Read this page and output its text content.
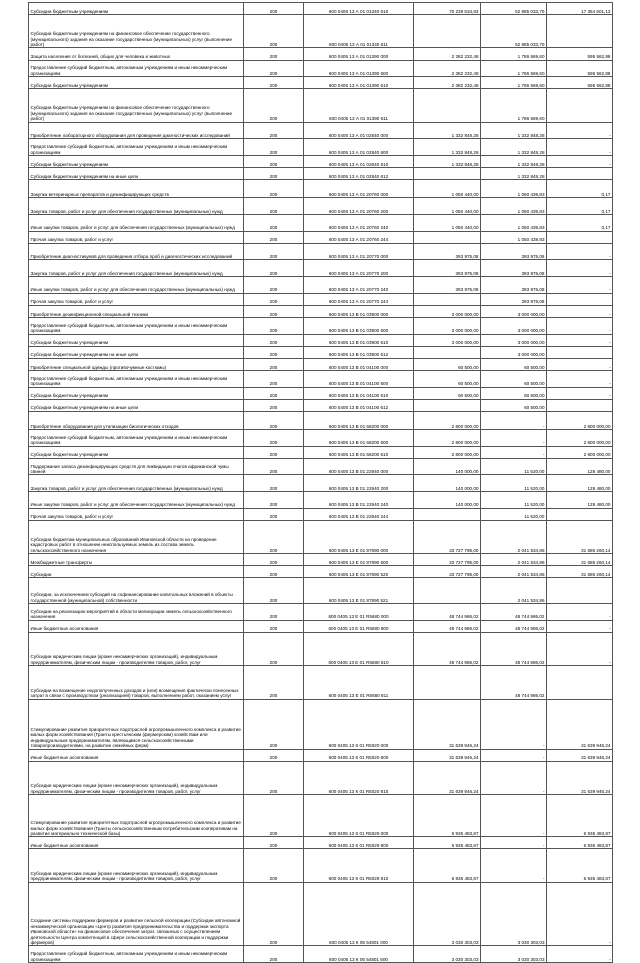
Субсидии бюджетным учреждениям	200	600 0405 13 А 01 01340 610	70 239 534,83	52 885 033,70	17 354 501,13
Субсидии бюджетным учреждениям на финансовое обеспечение государственного (муниципального) задания на оказание государственных (муниципальных) услуг (выполнение работ)	200	600 0405 13 А 01 01340 611		52 885 033,70	
Защита населения от болезней, общих для человека и животных	200	600 0405 13 А 01 01390 000	2 382 232,48	1 786 669,60	595 562,88
Предоставление субсидий бюджетным, автономным учреждениям и иным некоммерческим организациям	200	600 0405 13 А 01 01390 600	2 382 232,48	1 786 669,60	595 562,88
Субсидии бюджетным учреждениям	200	600 0405 13 А 01 01390 610	2 382 232,48	1 786 669,60	595 562,88
Субсидии бюджетным учреждениям на финансовое обеспечение государственного (муниципального) задания на оказание государственных (муниципальных) услуг (выполнение работ)	200	600 0405 13 А 01 01390 611		1 786 669,60	
Приобретение лабораторного оборудования для проведения диагностических исследований	200	600 0405 13 А 01 02840 000	1 332 848,28	1 332 848,28	-
Предоставление субсидий бюджетным, автономным учреждениям и иным некоммерческим организациям	200	600 0405 13 А 01 02840 600	1 332 848,28	1 332 848,28	-
Субсидии бюджетным учреждениям	200	600 0405 13 А 01 02840 610	1 332 848,28	1 332 848,28	-
Субсидии бюджетным учреждениям на иные цели	200	600 0405 13 А 01 02840 612		1 332 848,28	
Закупка ветеринарных препаратов и дезинфицирующих средств	200	600 0405 13 А 01 20760 000	1 050 440,00	1 050 439,83	0,17
Закупка товаров, работ и услуг для обеспечения государственных (муниципальных) нужд	200	600 0405 13 А 01 20760 200	1 050 440,00	1 050 439,83	0,17
Иные закупки товаров, работ и услуг для обеспечения государственных (муниципальных) нужд	200	600 0405 13 А 01 20760 240	1 050 440,00	1 050 439,83	0,17
Прочая закупка товаров, работ и услуг	200	600 0405 13 А 01 20760 244		1 050 439,83	
Приобретение диагностикумов для проведения отбора проб и диагностических исследований	200	600 0405 13 А 01 20770 000	393 975,08	393 975,08	-
Закупка товаров, работ и услуг для обеспечения государственных (муниципальных) нужд	200	600 0405 13 А 01 20770 200	393 975,08	393 975,08	-
Иные закупки товаров, работ и услуг для обеспечения государственных (муниципальных) нужд	200	600 0405 13 А 01 20770 240	393 975,08	393 975,08	-
Прочая закупка товаров, работ и услуг	200	600 0405 13 А 01 20770 244		393 975,08	
Приобретение дезинфекционной специальной техники	200	600 0405 13 В 01 03900 000	3 000 000,00	3 000 000,00	-
Предоставление субсидий бюджетным, автономным учреждениям и иным некоммерческим организациям	200	600 0405 13 В 01 03900 600	3 000 000,00	3 000 000,00	-
Субсидии бюджетным учреждениям	200	600 0405 13 В 01 03900 610	3 000 000,00	3 000 000,00	-
Субсидии бюджетным учреждениям на иные цели	200	600 0405 13 В 01 03900 612		3 000 000,00	
Приобретение специальной одежды (противочумные костюмы)	200	600 0405 13 В 01 04100 000	60 500,00	60 500,00	-
Предоставление субсидий бюджетным, автономным учреждениям и иным некоммерческим организациям	200	600 0405 13 В 01 04100 600	60 500,00	60 500,00	-
Субсидии бюджетным учреждениям	200	600 0405 13 В 01 04100 610	60 500,00	60 500,00	-
Субсидии бюджетным учреждениям на иные цели	200	600 0405 13 В 01 04100 612		60 500,00	
Приобретение оборудования для утилизации биологических отходов	200	600 0405 13 В 01 68200 000	2 800 000,00	-	2 800 000,00
Предоставление субсидий бюджетным, автономным учреждениям и иным некоммерческим организациям	200	600 0405 13 В 01 68200 600	2 800 000,00	-	2 800 000,00
Субсидии бюджетным учреждениям	200	600 0405 13 В 01 68200 610	2 800 000,00	-	2 800 000,00
Поддержание запаса дезинфицирующих средств для ликвидации очагов африканской чумы свиней	200	600 0405 13 В 01 22940 000	140 000,00	11 520,00	128 480,00
Закупка товаров, работ и услуг для обеспечения государственных (муниципальных) нужд	200	600 0405 13 В 01 22940 200	140 000,00	11 520,00	128 480,00
Иные закупки товаров, работ и услуг для обеспечения государственных (муниципальных) нужд	200	600 0405 13 В 01 22940 240	140 000,00	11 520,00	128 480,00
Прочая закупка товаров, работ и услуг	200	600 0405 13 В 01 22940 244		11 520,00	
Субсидии бюджетам муниципальных образований Ивановской области на проведение кадастровых работ в отношении неиспользуемых земель из состава земель сельскохозяйственного назначения	200	600 0405 13 Е 01 87890 000	33 727 795,00	2 041 534,86	31 686 260,14
Межбюджетные трансферты	200	600 0405 13 Е 01 87890 500	33 727 795,00	2 041 534,86	31 686 260,14
Субсидии	200	600 0405 13 Е 01 87890 520	33 727 795,00	2 041 534,86	31 686 260,14
Субсидии, за исключением субсидий на софинансирование капитальных вложений в объекты государственной (муниципальной) собственности	200	600 0405 13 Е 01 87890 521		2 041 534,86	
Субсидии на реализацию мероприятий в области мелиорации земель сельскохозяйственного назначения	200	600 0405 13 Е 01 R5680 000	48 744 986,02	48 744 986,02	-
Иные бюджетные ассигнования	200	600 0405 13 Е 01 R5680 800	48 744 986,02	48 744 986,02	-
Субсидии юридическим лицам (кроме некоммерческих организаций), индивидуальным предпринимателям, физическим лицам - производителям товаров, работ, услуг	200	600 0405 13 Е 01 R5680 810	48 744 986,02	48 744 986,02	-
Субсидии на возмещение недополученных доходов и (или) возмещение фактически понесенных затрат в связи с производством (реализацией) товаров, выполнением работ, оказанием услуг	200	600 0405 13 Е 01 R5680 811		48 744 986,02	
Стимулирование развития приоритетных подотраслей агропромышленного комплекса и развитие малых форм хозяйствования (Гранты крестьянским (фермерским) хозяйствам или индивидуальным предпринимателям, являющимся сельскохозяйственными товаропроизводителями, на развитие семейных ферм)	200	600 0405 13 К 01 R5020 000	31 639 946,24	-	31 639 946,24
Иные бюджетные ассигнования	200	600 0405 13 К 01 R5020 800	31 639 946,24	-	31 639 946,24
Субсидии юридическим лицам (кроме некоммерческих организаций), индивидуальным предпринимателям, физическим лицам - производителям товаров, работ, услуг	200	600 0405 13 К 01 R5020 810	31 639 946,24	-	31 639 946,24
Стимулирование развития приоритетных подотраслей агропромышленного комплекса и развитие малых форм хозяйствования (Гранты сельскохозяйственным потребительским кооперативам на развитие материально-технической базы)	200	600 0405 13 К 01 R5029 000	6 935 483,87	-	6 935 483,87
Иные бюджетные ассигнования	200	600 0405 13 К 01 R5029 800	6 935 483,87	-	6 935 483,87
Субсидии юридическим лицам (кроме некоммерческих организаций), индивидуальным предпринимателям, физическим лицам - производителям товаров, работ, услуг	200	600 0405 13 К 01 R5029 810	6 935 483,87	-	6 935 483,87
Создание системы поддержки фермеров и развитие сельской кооперации (Субсидии автономной некоммерческой организации «Центр развития предпринимательства и поддержки экспорта Ивановской области» на финансовое обеспечение затрат, связанных с осуществлением деятельности Центра компетенций в сфере сельскохозяйственной кооперации и поддержки фермеров)	200	600 0405 13 К 05 54801 000	3 030 303,03	3 030 303,03	-
Предоставление субсидий бюджетным, автономным учреждениям и иным некоммерческим организациям	200	600 0405 13 К 05 54801 600	3 030 303,03	3 030 303,03	-
